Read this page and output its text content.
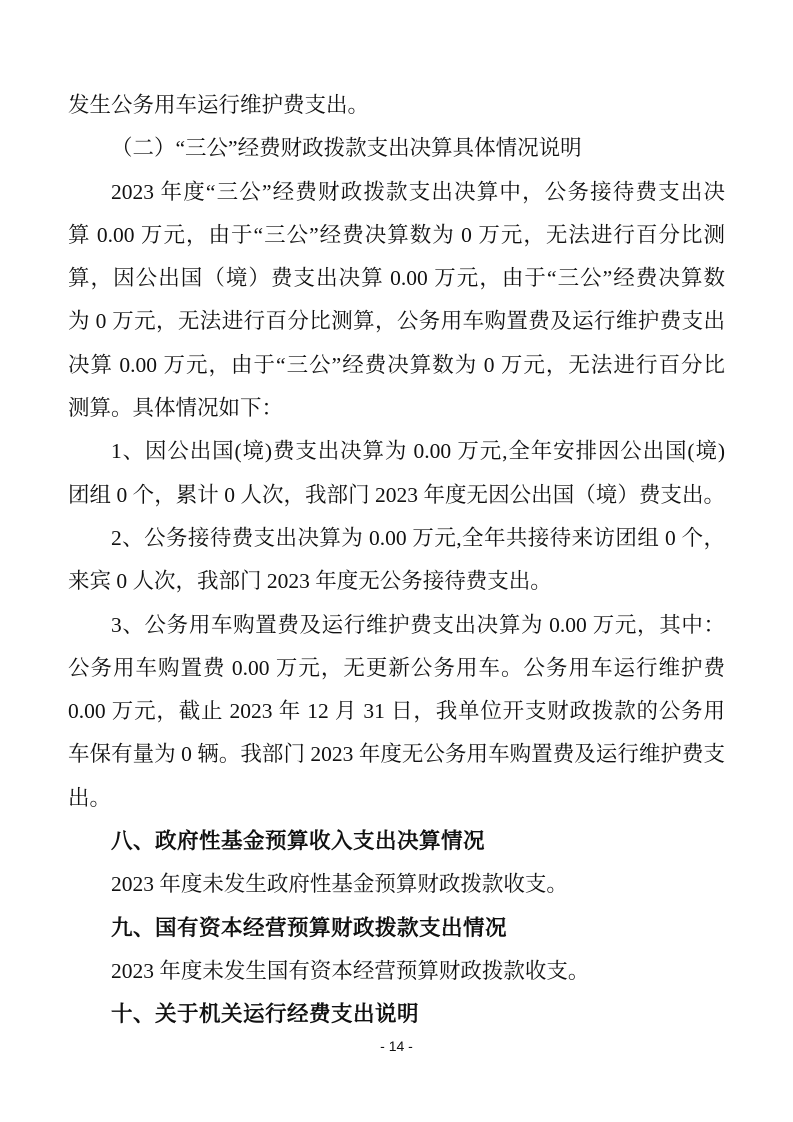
发生公务用车运行维护费支出。
（二）“三公”经费财政拨款支出决算具体情况说明
2023 年度“三公”经费财政拨款支出决算中，公务接待费支出决
算 0.00 万元，由于“三公”经费决算数为 0 万元，无法进行百分比测
算，因公出国（境）费支出决算 0.00 万元，由于“三公”经费决算数
为 0 万元，无法进行百分比测算，公务用车购置费及运行维护费支出
决算 0.00 万元，由于“三公”经费决算数为 0 万元，无法进行百分比
测算。具体情况如下：
1、因公出国(境)费支出决算为 0.00 万元,全年安排因公出国(境)
团组 0 个，累计 0 人次，我部门 2023 年度无因公出国（境）费支出。
2、公务接待费支出决算为 0.00 万元,全年共接待来访团组 0 个，
来宾 0 人次，我部门 2023 年度无公务接待费支出。
3、公务用车购置费及运行维护费支出决算为 0.00 万元，其中：
公务用车购置费 0.00 万元，无更新公务用车。公务用车运行维护费
0.00 万元，截止 2023 年 12 月 31 日，我单位开支财政拨款的公务用
车保有量为 0 辆。我部门 2023 年度无公务用车购置费及运行维护费支
出。
八、政府性基金预算收入支出决算情况
2023 年度未发生政府性基金预算财政拨款收支。
九、国有资本经营预算财政拨款支出情况
2023 年度未发生国有资本经营预算财政拨款收支。
十、关于机关运行经费支出说明
- 14 -
